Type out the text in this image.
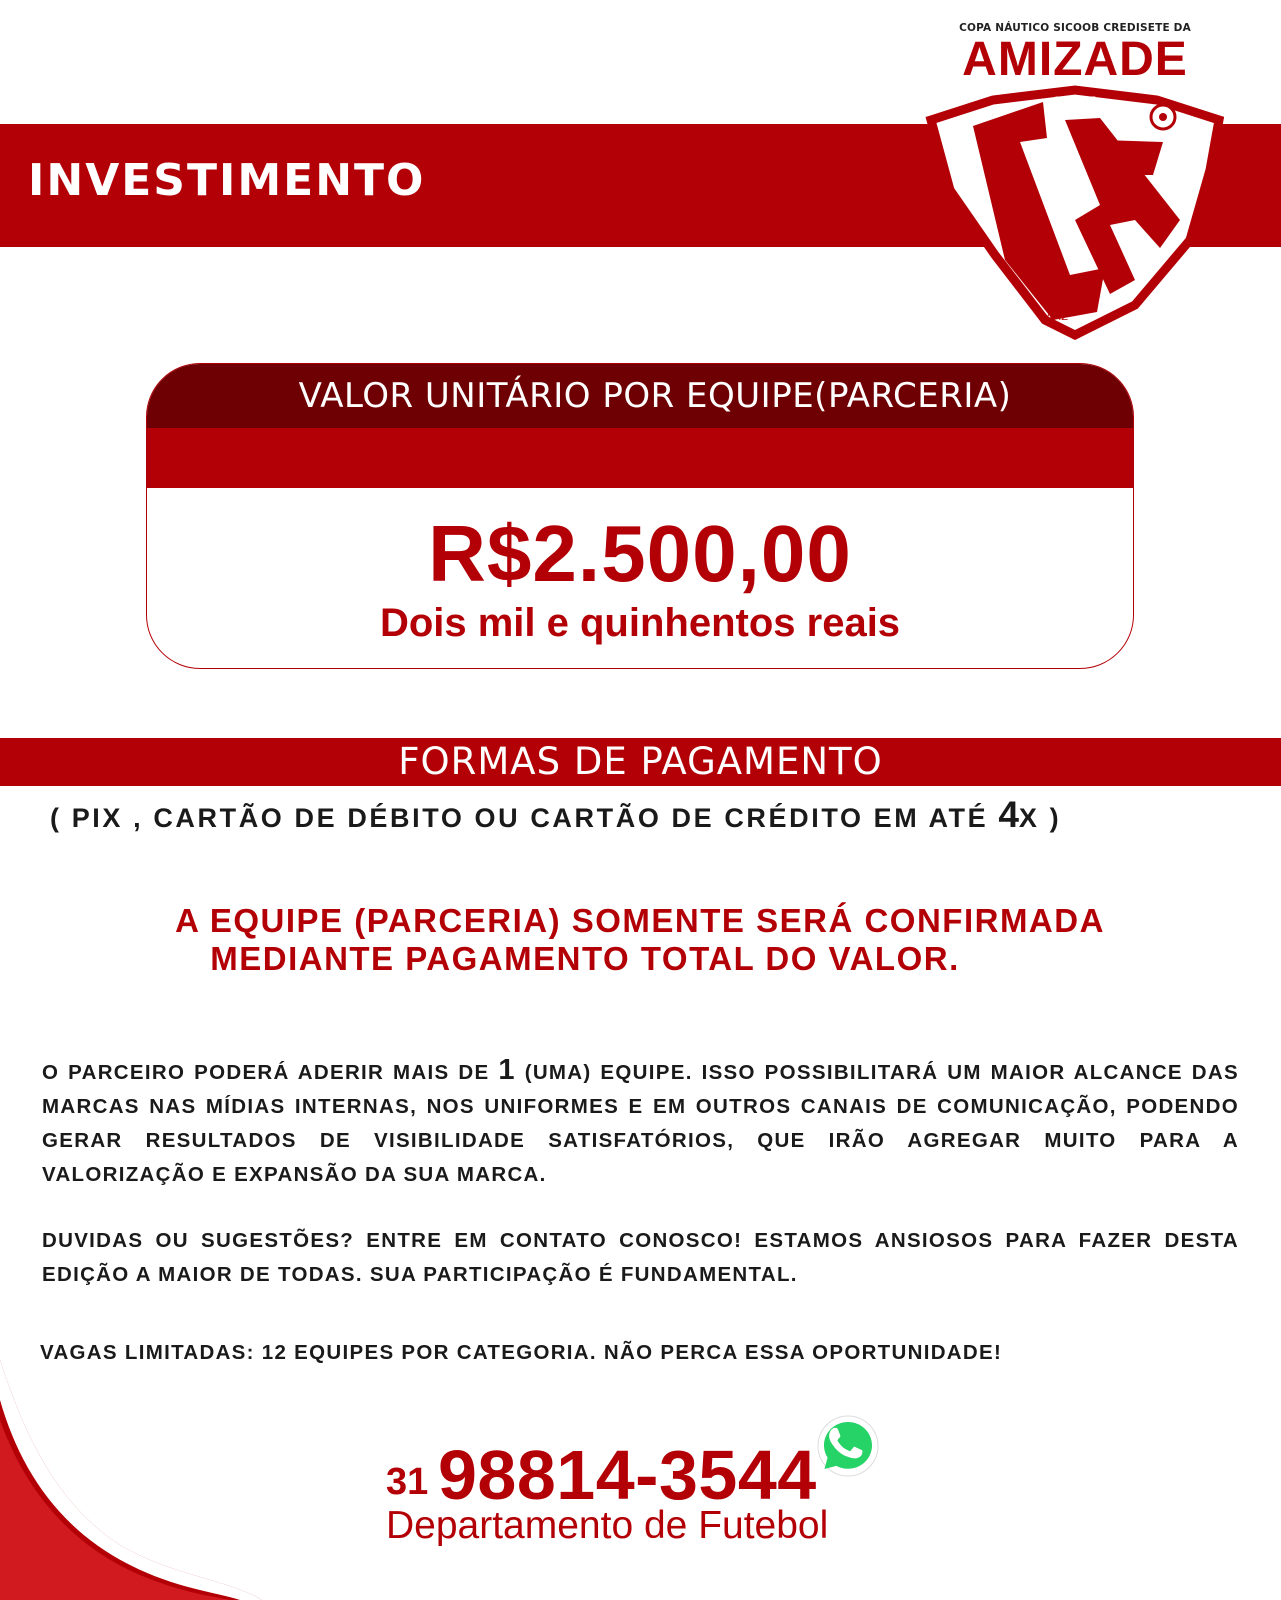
INVESTIMENTO
COPA NÁUTICO SICOOB CREDISETE DA
AMIZADE
2025
AMZ
VALOR UNITÁRIO POR EQUIPE(PARCERIA)
R$2.500,00
Dois mil e quinhentos reais
FORMAS DE PAGAMENTO
( PIX , CARTÃO DE DÉBITO OU CARTÃO DE CRÉDITO EM ATÉ 4X )
A EQUIPE (PARCERIA) SOMENTE SERÁ CONFIRMADA
MEDIANTE PAGAMENTO TOTAL DO VALOR.
O PARCEIRO PODERÁ ADERIR MAIS DE 1 (UMA) EQUIPE. ISSO POSSIBILITARÁ UM MAIOR ALCANCE DAS MARCAS NAS MÍDIAS INTERNAS, NOS UNIFORMES E EM OUTROS CANAIS DE COMUNICAÇÃO, PODENDO GERAR RESULTADOS DE VISIBILIDADE SATISFATÓRIOS, QUE IRÃO AGREGAR MUITO PARA A VALORIZAÇÃO E EXPANSÃO DA SUA MARCA.
DUVIDAS OU SUGESTÕES? ENTRE EM CONTATO CONOSCO! ESTAMOS ANSIOSOS PARA FAZER DESTA EDIÇÃO A MAIOR DE TODAS. SUA PARTICIPAÇÃO É FUNDAMENTAL.
VAGAS LIMITADAS: 12 EQUIPES POR CATEGORIA. NÃO PERCA ESSA OPORTUNIDADE!
31 98814-3544
Departamento de Futebol
